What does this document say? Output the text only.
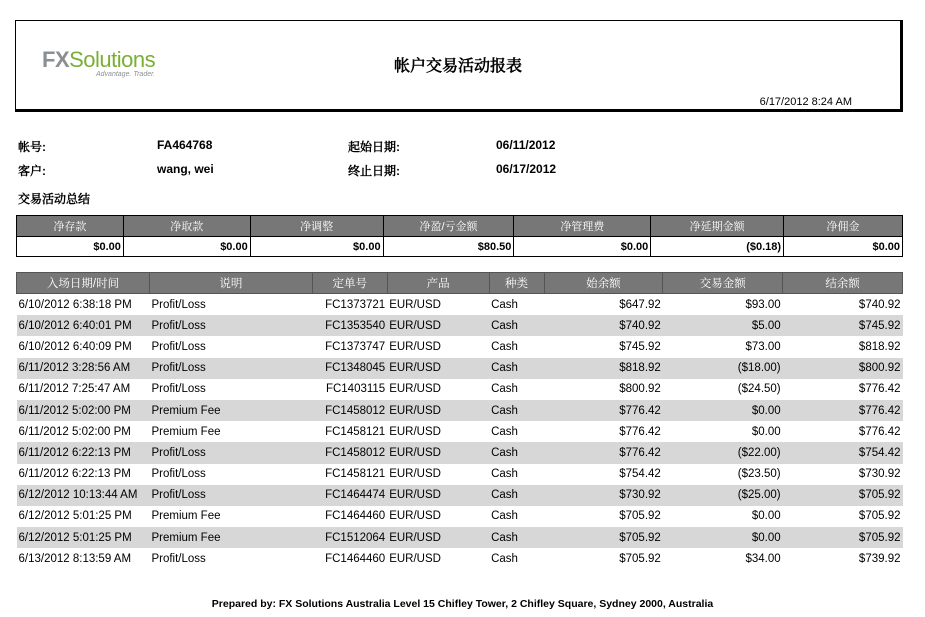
FXSolutions
Advantage. Trader.	帐户交易活动报表
6/17/2012 8:24 AM
帐号:	FA464768
客户:	wang, wei
起始日期:	06/11/2012
终止日期:	06/17/2012
交易活动总结
净存款	净取款	净调整	净盈/亏金额	净管理费	净延期金额	净佣金
$0.00	$0.00	$0.00	$80.50	$0.00	($0.18)	$0.00
入场日期/时间	说明	定单号	产品	种类	始余额	交易金额	结余额
6/10/2012 6:38:18 PM	Profit/Loss	FC1373721	EUR/USD	Cash	$647.92	$93.00	$740.92
6/10/2012 6:40:01 PM	Profit/Loss	FC1353540	EUR/USD	Cash	$740.92	$5.00	$745.92
6/10/2012 6:40:09 PM	Profit/Loss	FC1373747	EUR/USD	Cash	$745.92	$73.00	$818.92
6/11/2012 3:28:56 AM	Profit/Loss	FC1348045	EUR/USD	Cash	$818.92	($18.00)	$800.92
6/11/2012 7:25:47 AM	Profit/Loss	FC1403115	EUR/USD	Cash	$800.92	($24.50)	$776.42
6/11/2012 5:02:00 PM	Premium Fee	FC1458012	EUR/USD	Cash	$776.42	$0.00	$776.42
6/11/2012 5:02:00 PM	Premium Fee	FC1458121	EUR/USD	Cash	$776.42	$0.00	$776.42
6/11/2012 6:22:13 PM	Profit/Loss	FC1458012	EUR/USD	Cash	$776.42	($22.00)	$754.42
6/11/2012 6:22:13 PM	Profit/Loss	FC1458121	EUR/USD	Cash	$754.42	($23.50)	$730.92
6/12/2012 10:13:44 AM	Profit/Loss	FC1464474	EUR/USD	Cash	$730.92	($25.00)	$705.92
6/12/2012 5:01:25 PM	Premium Fee	FC1464460	EUR/USD	Cash	$705.92	$0.00	$705.92
6/12/2012 5:01:25 PM	Premium Fee	FC1512064	EUR/USD	Cash	$705.92	$0.00	$705.92
6/13/2012 8:13:59 AM	Profit/Loss	FC1464460	EUR/USD	Cash	$705.92	$34.00	$739.92
Prepared by: FX Solutions Australia Level 15 Chifley Tower, 2 Chifley Square, Sydney 2000, Australia
